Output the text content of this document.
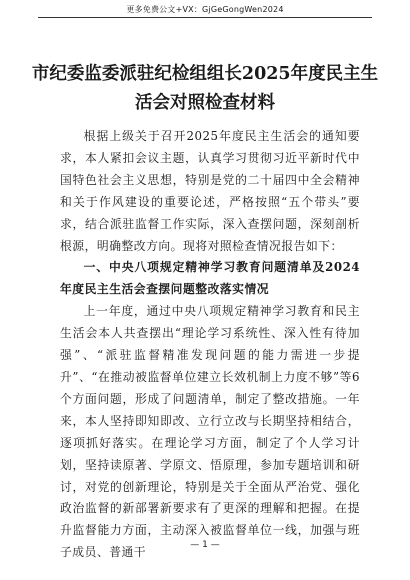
更多免费公文+VX：GjGeGongWen2024
市纪委监委派驻纪检组组长2025年度民主生活会对照检查材料

根据上级关于召开2025年度民主生活会的通知要求，本人紧扣会议主题，认真学习贯彻习近平新时代中国特色社会主义思想，特别是党的二十届四中全会精神和关于作风建设的重要论述，严格按照“五个带头”要求，结合派驻监督工作实际，深入查摆问题，深刻剖析根源，明确整改方向。现将对照检查情况报告如下：

一、中央八项规定精神学习教育问题清单及2024年度民主生活会查摆问题整改落实情况

上一年度，通过中央八项规定精神学习教育和民主生活会本人共查摆出“理论学习系统性、深入性有待加强”、“派驻监督精准发现问题的能力需进一步提升”、“在推动被监督单位建立长效机制上力度不够”等6个方面问题，形成了问题清单，制定了整改措施。一年来，本人坚持即知即改、立行立改与长期坚持相结合，逐项抓好落实。在理论学习方面，制定了个人学习计划，坚持读原著、学原文、悟原理，参加专题培训和研讨，对党的创新理论，特别是关于全面从严治党、强化政治监督的新部署新要求有了更深的理解和把握。在提升监督能力方面，主动深入被监督单位一线，加强与班子成员、普通干

— 1 —
